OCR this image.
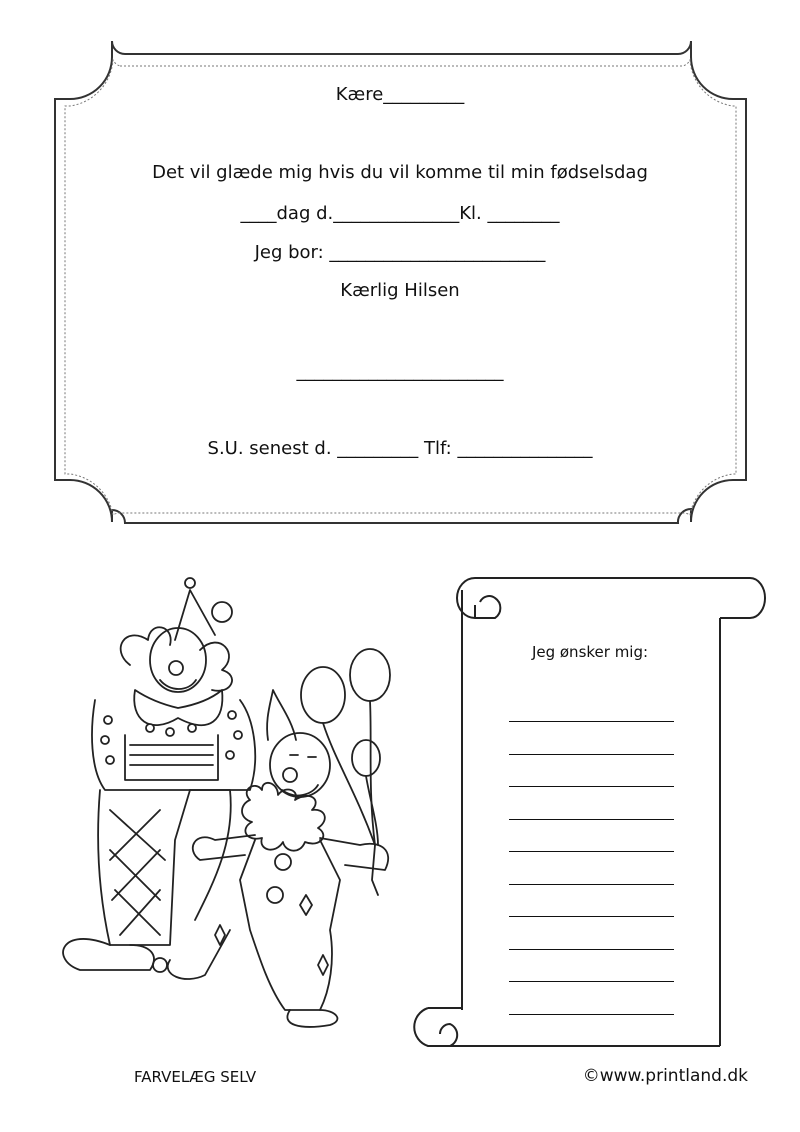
Kære_________
Det vil glæde mig hvis du vil komme til min fødselsdag
____dag d.______________Kl. ________
Jeg bor: ________________________
Kærlig Hilsen
_______________________
S.U. senest d. _________ Tlf: _______________
Jeg ønsker mig:
FARVELÆG SELV	©www.printland.dk
